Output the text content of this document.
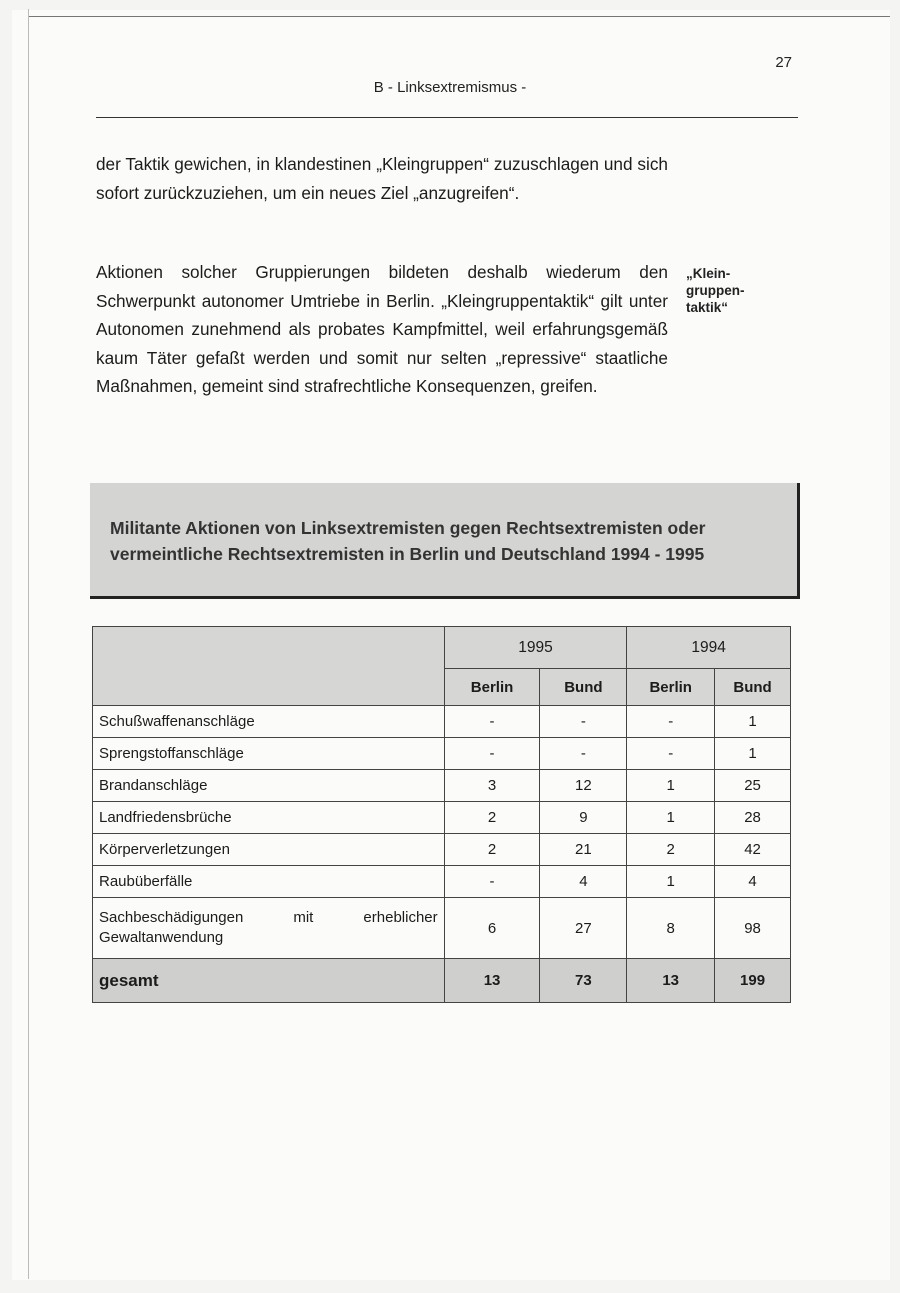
27
B - Linksextremismus -
der Taktik gewichen, in klandestinen „Kleingruppen“ zuzuschlagen und sich sofort zurückzuziehen, um ein neues Ziel „anzugreifen“.
Aktionen solcher Gruppierungen bildeten deshalb wiederum den Schwerpunkt autonomer Umtriebe in Berlin. „Kleingruppentaktik“ gilt unter Autonomen zunehmend als probates Kampfmittel, weil erfahrungsgemäß kaum Täter gefaßt werden und somit nur selten „repressive“ staatliche Maßnahmen, gemeint sind strafrechtliche Konsequenzen, greifen.
„Klein-
gruppen-
taktik“
Militante Aktionen von Linksextremisten gegen Rechtsextremisten oder
vermeintliche Rechtsextremisten in Berlin und Deutschland 1994 - 1995
	1995		1994	
	Berlin	Bund	Berlin	Bund
Schußwaffenanschläge	-	-	-	1
Sprengstoffanschläge	-	-	-	1
Brandanschläge	3	12	1	25
Landfriedensbrüche	2	9	1	28
Körperverletzungen	2	21	2	42
Raubüberfälle	-	4	1	4

Sachbeschädigungen mit erheblicher
Gewaltanwendung	6	27	8	98
gesamt	13	73	13	199
